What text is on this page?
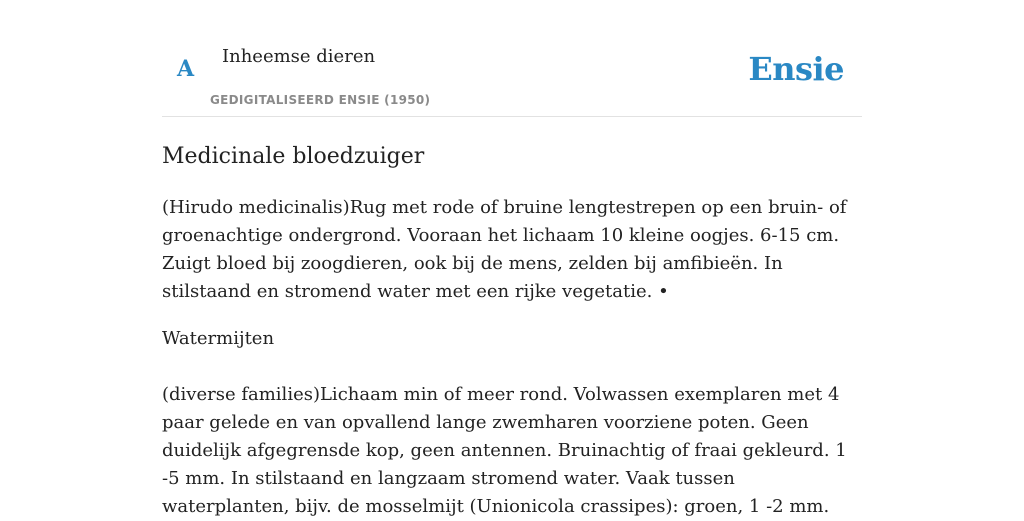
A Inheemse dieren
GEDIGITALISEERD ENSIE (1950)
Ensie
Medicinale bloedzuiger

(Hirudo medicinalis)Rug met rode of bruine lengtestrepen op een bruin- of groenachtige ondergrond. Vooraan het lichaam 10 kleine oogjes. 6-15 cm. Zuigt bloed bij zoogdieren, ook bij de mens, zelden bij amfibieën. In stilstaand en stromend water met een rijke vegetatie. •

Watermijten

(diverse families)Lichaam min of meer rond. Volwassen exemplaren met 4 paar gelede en van opvallend lange zwemharen voorziene poten. Geen duidelijk afgegrensde kop, geen antennen. Bruinachtig of fraai gekleurd. 1 -5 mm. In stilstaand en langzaam stromend water. Vaak tussen waterplanten, bijv. de mosselmijt (Unionicola crassipes): groen, 1 -2 mm.
